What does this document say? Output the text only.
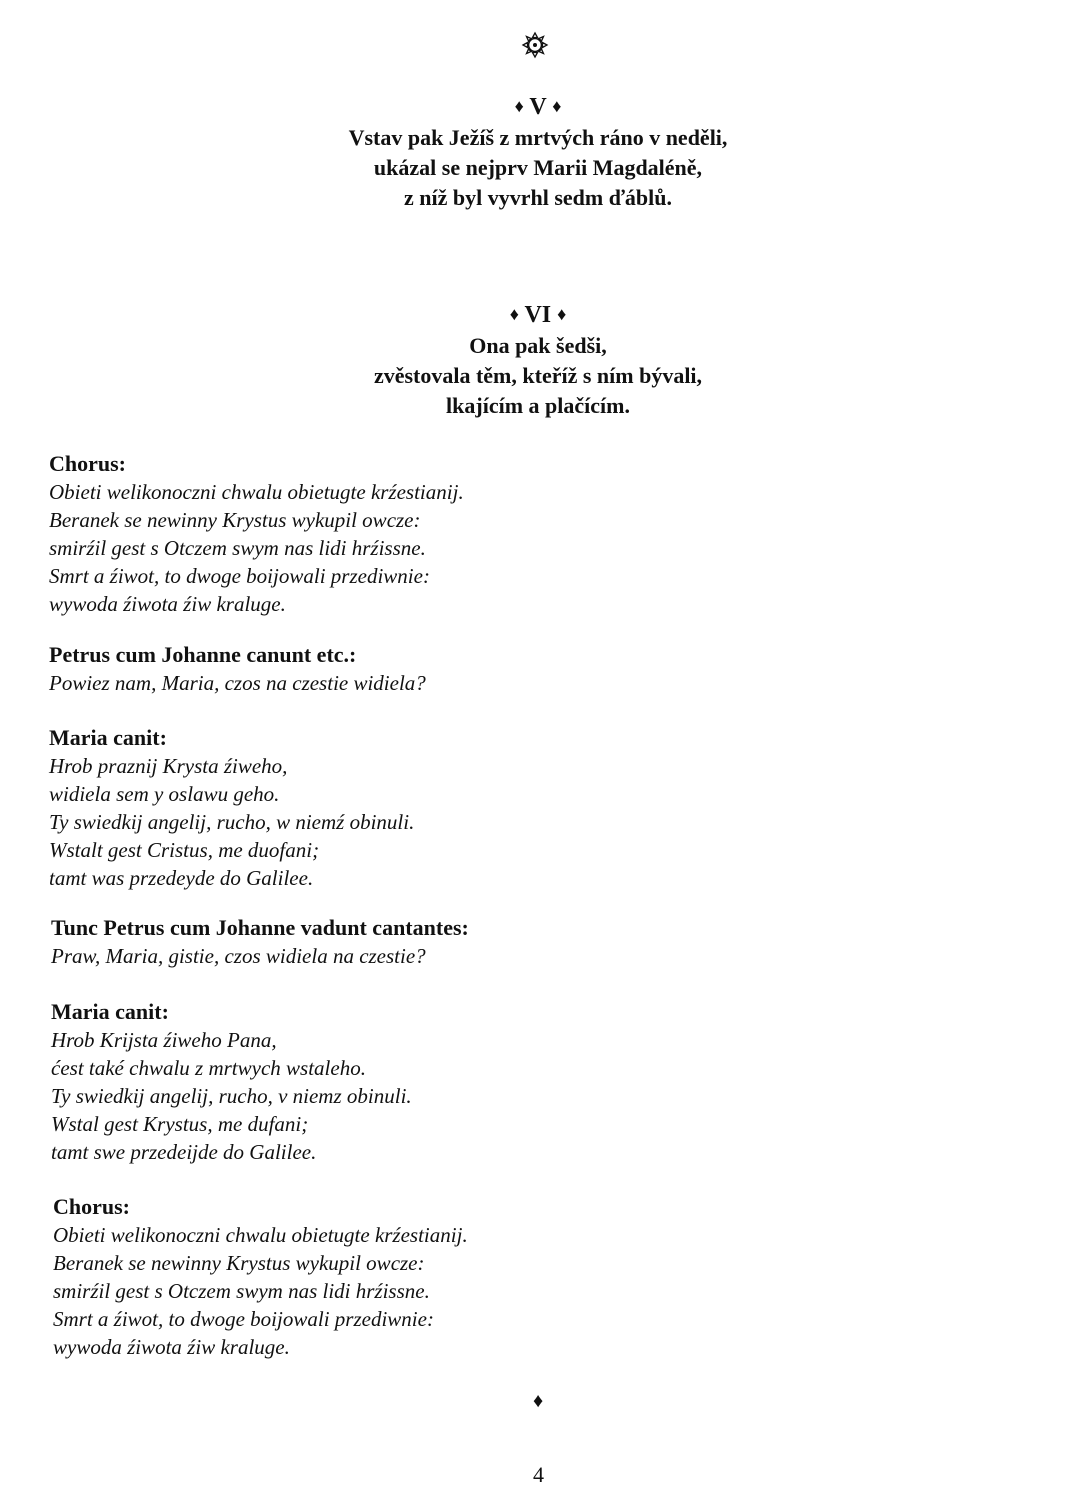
♦ V ♦
Vstav pak Ježíš z mrtvých ráno v neděli,
ukázal se nejprv Marii Magdaléně,
z níž byl vyvrhl sedm ďáblů.
♦ VI ♦
Ona pak šedši,
zvěstovala těm, kteříž s ním bývali,
lkajícím a plačícím.
Chorus:
Obieti welikonoczni chwalu obietugte krźestianij.
Beranek se newinny Krystus wykupil owcze:
smirźil gest s Otczem swym nas lidi hrźissne.
Smrt a źiwot, to dwoge boijowali przediwnie:
wywoda źiwota źiw kraluge.
Petrus cum Johanne canunt etc.:
Powiez nam, Maria, czos na czestie widiela?
Maria canit:
Hrob praznij Krysta źiweho,
widiela sem y oslawu geho.
Ty swiedkij angelij, rucho, w niemź obinuli.
Wstalt gest Cristus, me duofani;
tamt was przedeyde do Galilee.
Tunc Petrus cum Johanne vadunt cantantes:
Praw, Maria, gistie, czos widiela na czestie?
Maria canit:
Hrob Krijsta źiweho Pana,
ćest také chwalu z mrtwych wstaleho.
Ty swiedkij angelij, rucho, v niemz obinuli.
Wstal gest Krystus, me dufani;
tamt swe przedeijde do Galilee.
Chorus:
Obieti welikonoczni chwalu obietugte krźestianij.
Beranek se newinny Krystus wykupil owcze:
smirźil gest s Otczem swym nas lidi hrźissne.
Smrt a źiwot, to dwoge boijowali przediwnie:
wywoda źiwota źiw kraluge.
♦
4
